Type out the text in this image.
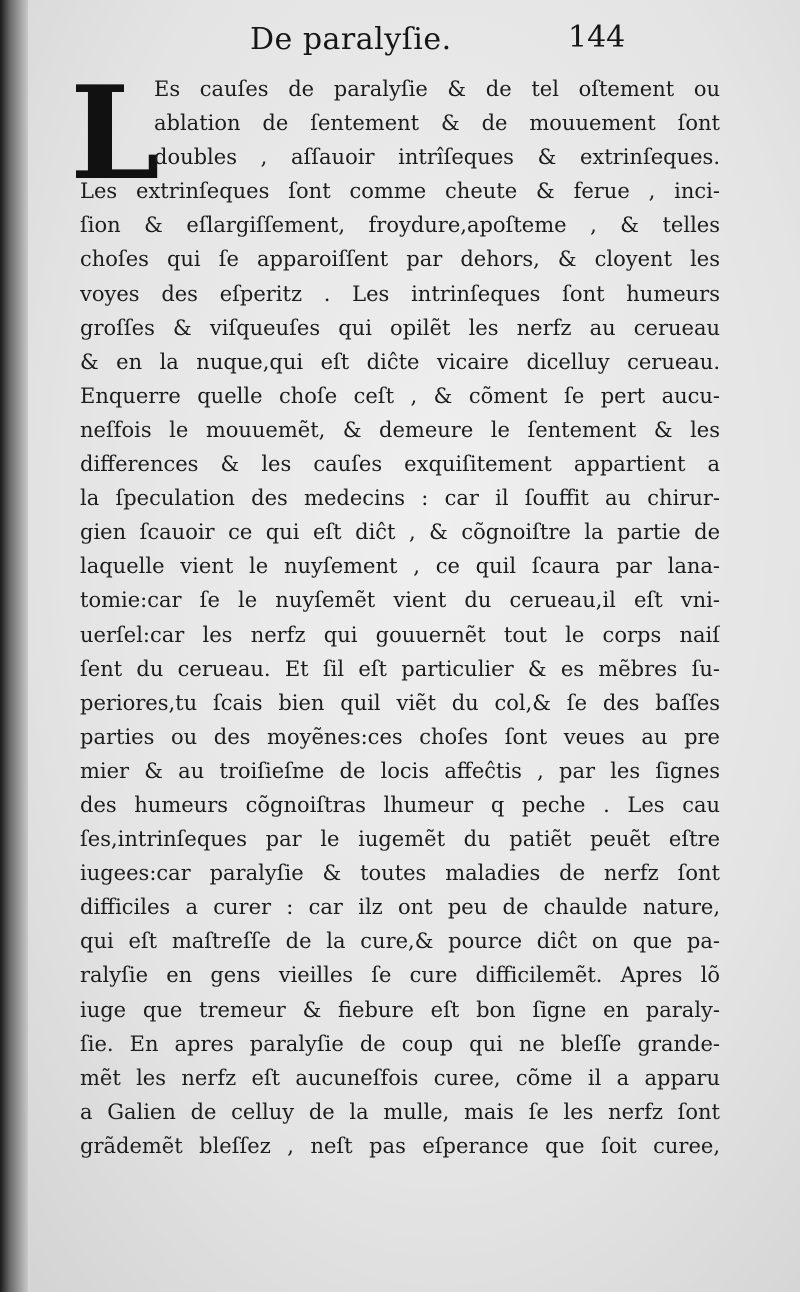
De paralyſie.	144
L
Es cauſes de paralyſie & de tel oſtement ou
ablation de ſentement & de mouuement ſont
doubles , aſſauoir intrîſeques & extrinſeques.
Les extrinſeques ſont comme cheute & ferue , inci-
ſion & eſlargiſſement, froydure,apoſteme , & telles
choſes qui ſe apparoiſſent par dehors, & cloyent les
voyes des eſperitz . Les intrinſeques ſont humeurs
groſſes & viſqueuſes qui opilẽt les nerfz au cerueau
& en la nuque,qui eſt diĉte vicaire dicelluy cerueau.
Enquerre quelle choſe ceſt , & cõment ſe pert aucu-
neſfois le mouuemẽt, & demeure le ſentement & les
differences & les cauſes exquiſitement appartient a
la ſpeculation des medecins : car il ſouffit au chirur-
gien ſcauoir ce qui eſt diĉt , & cõgnoiſtre la partie de
laquelle vient le nuyſement , ce quil ſcaura par lana-
tomie:car ſe le nuyſemẽt vient du cerueau,il eſt vni-
uerſel:car les nerfz qui gouuernẽt tout le corps naiſ
ſent du cerueau. Et ſil eſt particulier & es mẽbres ſu-
periores,tu ſcais bien quil viẽt du col,& ſe des baſſes
parties ou des moyẽnes:ces choſes ſont veues au pre
mier & au troiſieſme de locis affeĉtis , par les ſignes
des humeurs cõgnoiſtras lhumeur q peche . Les cau
ſes,intrinſeques par le iugemẽt du patiẽt peuẽt eſtre
iugees:car paralyſie & toutes maladies de nerfz ſont
difficiles a curer : car ilz ont peu de chaulde nature,
qui eſt maſtreſſe de la cure,& pource diĉt on que pa-
ralyſie en gens vieilles ſe cure difficilemẽt. Apres lõ
iuge que tremeur & fiebure eſt bon ſigne en paraly-
ſie. En apres paralyſie de coup qui ne bleſſe grande-
mẽt les nerfz eſt aucuneſfois curee, cõme il a apparu
a Galien de celluy de la mulle, mais ſe les nerfz ſont
grãdemẽt bleſſez , neſt pas eſperance que ſoit curee,
